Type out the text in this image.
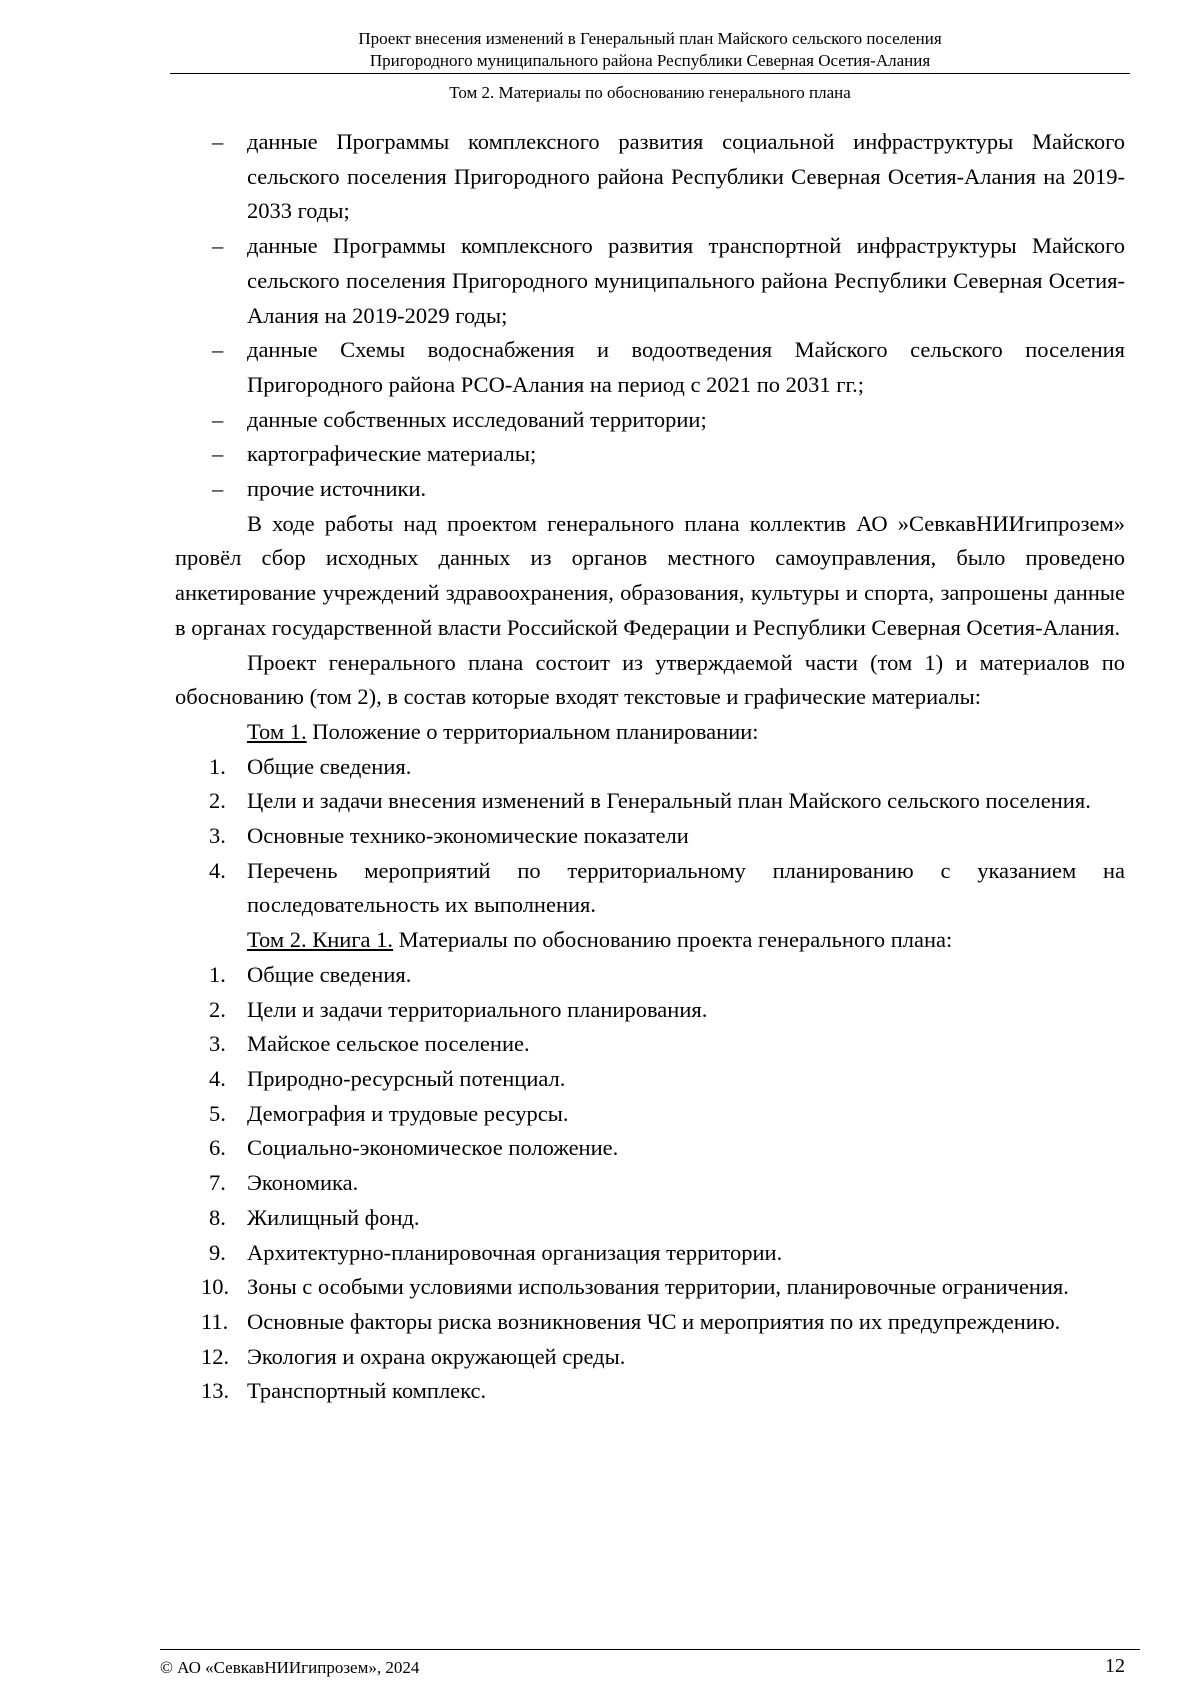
Проект внесения изменений в Генеральный план Майского сельского поселения
Пригородного муниципального района Республики Северная Осетия-Алания
Том 2. Материалы по обоснованию генерального плана
– данные Программы комплексного развития социальной инфраструктуры Майского сельского поселения Пригородного района Республики Северная Осетия-Алания на 2019-2033 годы;
– данные Программы комплексного развития транспортной инфраструктуры Майского сельского поселения Пригородного муниципального района Республики Северная Осетия-Алания на 2019-2029 годы;
– данные Схемы водоснабжения и водоотведения Майского сельского поселения Пригородного района РСО-Алания на период с 2021 по 2031 гг.;
– данные собственных исследований территории;
– картографические материалы;
– прочие источники.
В ходе работы над проектом генерального плана коллектив АО »СевкавНИИгипрозем» провёл сбор исходных данных из органов местного самоуправления, было проведено анкетирование учреждений здравоохранения, образования, культуры и спорта, запрошены данные в органах государственной власти Российской Федерации и Республики Северная Осетия-Алания.
Проект генерального плана состоит из утверждаемой части (том 1) и материалов по обоснованию (том 2), в состав которые входят текстовые и графические материалы:
Том 1. Положение о территориальном планировании:
1. Общие сведения.
2. Цели и задачи внесения изменений в Генеральный план Майского сельского поселения.
3. Основные технико-экономические показатели
4. Перечень мероприятий по территориальному планированию с указанием на последовательность их выполнения.
Том 2. Книга 1. Материалы по обоснованию проекта генерального плана:
1. Общие сведения.
2. Цели и задачи территориального планирования.
3. Майское сельское поселение.
4. Природно-ресурсный потенциал.
5. Демография и трудовые ресурсы.
6. Социально-экономическое положение.
7. Экономика.
8. Жилищный фонд.
9. Архитектурно-планировочная организация территории.
10. Зоны с особыми условиями использования территории, планировочные ограничения.
11. Основные факторы риска возникновения ЧС и мероприятия по их предупреждению.
12. Экология и охрана окружающей среды.
13. Транспортный комплекс.
© АО «СевкавНИИгипрозем», 2024	12
